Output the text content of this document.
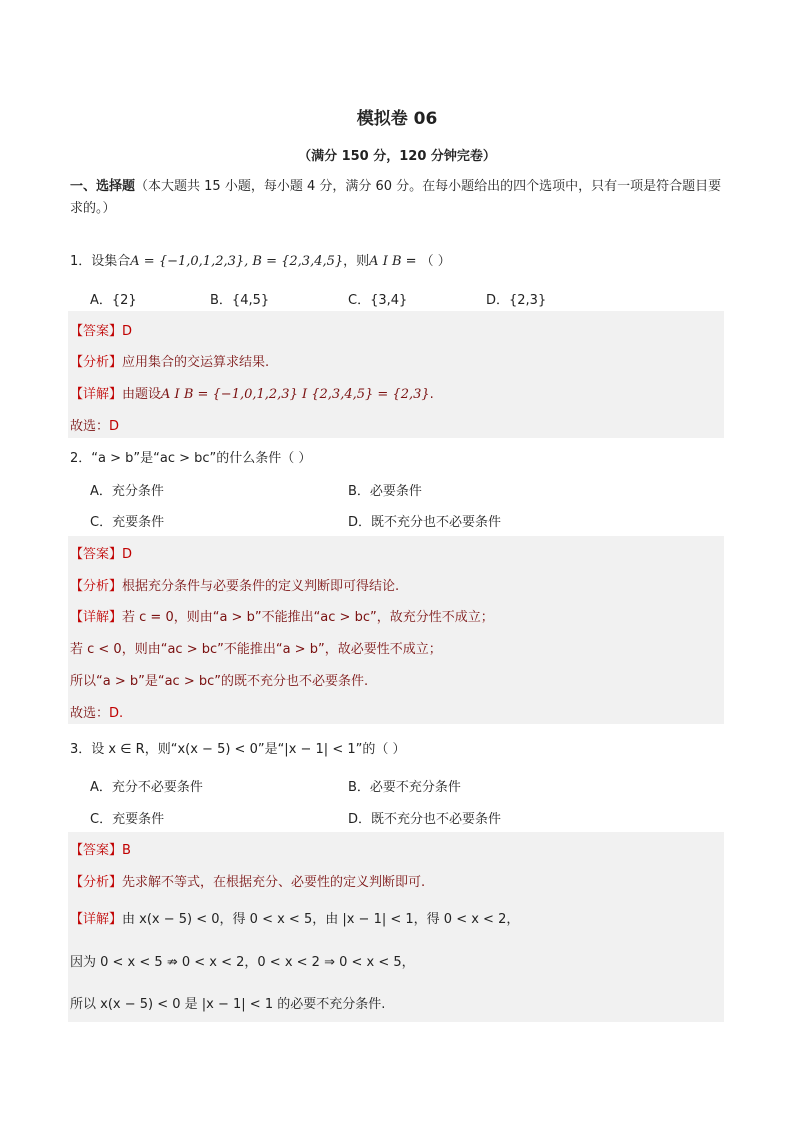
模拟卷 06
（满分 150 分，120 分钟完卷）
一、选择题（本大题共 15 小题，每小题 4 分，满分 60 分。在每小题给出的四个选项中，只有一项是符合题目要求的。）
1．设集合A = {−1,0,1,2,3}, B = {2,3,4,5}，则A I B = （ ）
A．{2}	B．{4,5}	C．{3,4}	D．{2,3}
【答案】D
【分析】应用集合的交运算求结果.
【详解】由题设A I B = {−1,0,1,2,3} I {2,3,4,5} = {2,3}.
故选：D
2．“a > b”是“ac > bc”的什么条件（ ）
A．充分条件	B．必要条件
C．充要条件	D．既不充分也不必要条件
【答案】D
【分析】根据充分条件与必要条件的定义判断即可得结论.
【详解】若 c = 0，则由“a > b”不能推出“ac > bc”，故充分性不成立；
若 c < 0，则由“ac > bc”不能推出“a > b”，故必要性不成立；
所以“a > b”是“ac > bc”的既不充分也不必要条件.
故选：D.
3．设 x ∈ R，则“x(x − 5) < 0”是“|x − 1| < 1”的（ ）
A．充分不必要条件	B．必要不充分条件
C．充要条件	D．既不充分也不必要条件
【答案】B
【分析】先求解不等式，在根据充分、必要性的定义判断即可.
【详解】由 x(x − 5) < 0，得 0 < x < 5，由 |x − 1| < 1，得 0 < x < 2，
因为 0 < x < 5 ⇏ 0 < x < 2，0 < x < 2 ⇒ 0 < x < 5，
所以 x(x − 5) < 0 是 |x − 1| < 1 的必要不充分条件.
